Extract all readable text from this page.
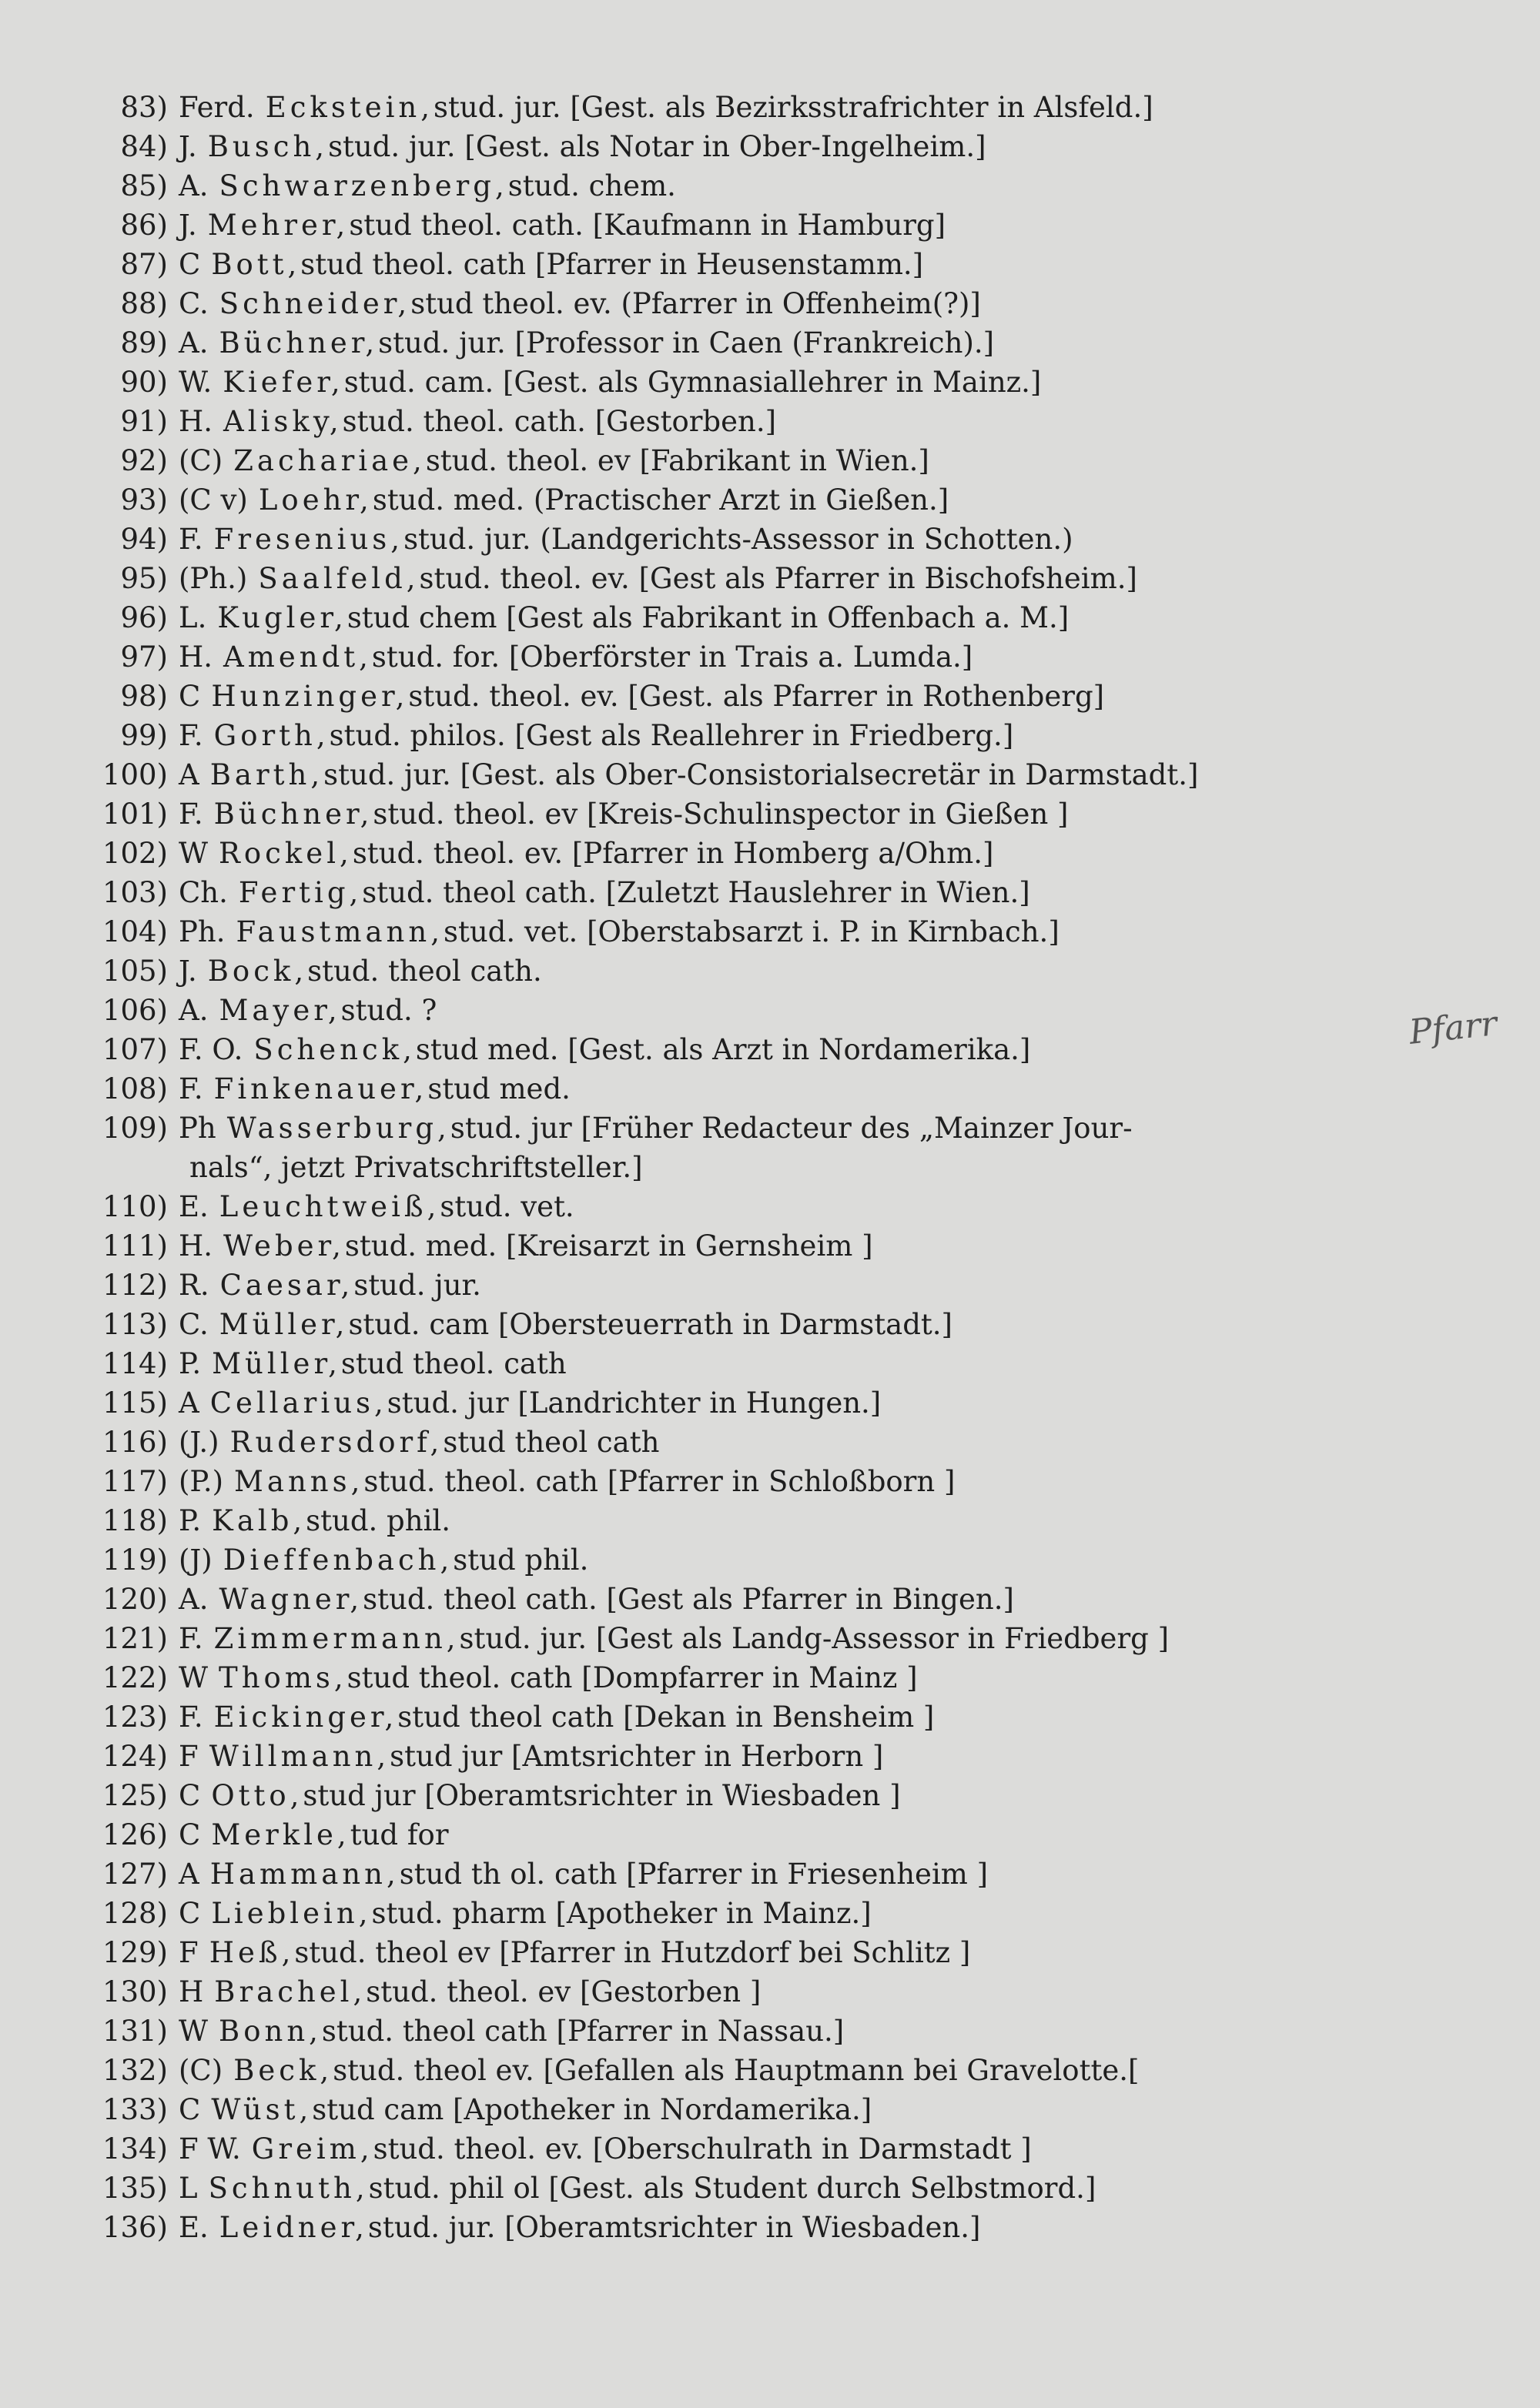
83) Ferd. Eckstein, stud. jur. [Gest. als Bezirksstrafrichter in Alsfeld.]
84) J. Busch, stud. jur. [Gest. als Notar in Ober-Ingelheim.]
85) A. Schwarzenberg, stud. chem.
86) J. Mehrer, stud theol. cath. [Kaufmann in Hamburg]
87) C Bott, stud theol. cath [Pfarrer in Heusenstamm.]
88) C. Schneider, stud theol. ev. (Pfarrer in Offenheim(?)]
89) A. Büchner, stud. jur. [Professor in Caen (Frankreich).]
90) W. Kiefer, stud. cam. [Gest. als Gymnasiallehrer in Mainz.]
91) H. Alisky, stud. theol. cath. [Gestorben.]
92) (C) Zachariae, stud. theol. ev [Fabrikant in Wien.]
93) (C v) Loehr, stud. med. (Practischer Arzt in Gießen.]
94) F. Fresenius, stud. jur. (Landgerichts-Assessor in Schotten.)
95) (Ph.) Saalfeld, stud. theol. ev. [Gest als Pfarrer in Bischofsheim.]
96) L. Kugler, stud chem [Gest als Fabrikant in Offenbach a. M.]
97) H. Amendt, stud. for. [Oberförster in Trais a. Lumda.]
98) C Hunzinger, stud. theol. ev. [Gest. als Pfarrer in Rothenberg]
99) F. Gorth, stud. philos. [Gest als Reallehrer in Friedberg.]
100) A Barth, stud. jur. [Gest. als Ober-Consistorialsecretär in Darmstadt.]
101) F. Büchner, stud. theol. ev [Kreis-Schulinspector in Gießen ]
102) W Rockel, stud. theol. ev. [Pfarrer in Homberg a/Ohm.]
103) Ch. Fertig, stud. theol cath. [Zuletzt Hauslehrer in Wien.]
104) Ph. Faustmann, stud. vet. [Oberstabsarzt i. P. in Kirnbach.]
105) J. Bock, stud. theol cath.
106) A. Mayer, stud. ?
107) F. O. Schenck, stud med. [Gest. als Arzt in Nordamerika.]
108) F. Finkenauer, stud med.
109) Ph Wasserburg, stud. jur [Früher Redacteur des „Mainzer Jour-
nals“, jetzt Privatschriftsteller.]
110) E. Leuchtweiß, stud. vet.
111) H. Weber, stud. med. [Kreisarzt in Gernsheim ]
112) R. Caesar, stud. jur.
113) C. Müller, stud. cam [Obersteuerrath in Darmstadt.]
114) P. Müller, stud theol. cath
115) A Cellarius, stud. jur [Landrichter in Hungen.]
116) (J.) Rudersdorf, stud theol cath
117) (P.) Manns, stud. theol. cath [Pfarrer in Schloßborn ]
118) P. Kalb, stud. phil.
119) (J) Dieffenbach, stud phil.
120) A. Wagner, stud. theol cath. [Gest als Pfarrer in Bingen.]
121) F. Zimmermann, stud. jur. [Gest als Landg-Assessor in Friedberg ]
122) W Thoms, stud theol. cath [Dompfarrer in Mainz ]
123) F. Eickinger, stud theol cath [Dekan in Bensheim ]
124) F Willmann, stud jur [Amtsrichter in Herborn ]
125) C Otto, stud jur [Oberamtsrichter in Wiesbaden ]
126) C Merkle, tud for
127) A Hammann, stud th ol. cath [Pfarrer in Friesenheim ]
128) C Lieblein, stud. pharm [Apotheker in Mainz.]
129) F Heß, stud. theol ev [Pfarrer in Hutzdorf bei Schlitz ]
130) H Brachel, stud. theol. ev [Gestorben ]
131) W Bonn, stud. theol cath [Pfarrer in Nassau.]
132) (C) Beck, stud. theol ev. [Gefallen als Hauptmann bei Gravelotte.[
133) C Wüst, stud cam [Apotheker in Nordamerika.]
134) F W. Greim, stud. theol. ev. [Oberschulrath in Darmstadt ]
135) L Schnuth, stud. phil ol [Gest. als Student durch Selbstmord.]
136) E. Leidner, stud. jur. [Oberamtsrichter in Wiesbaden.]
Pfarr
